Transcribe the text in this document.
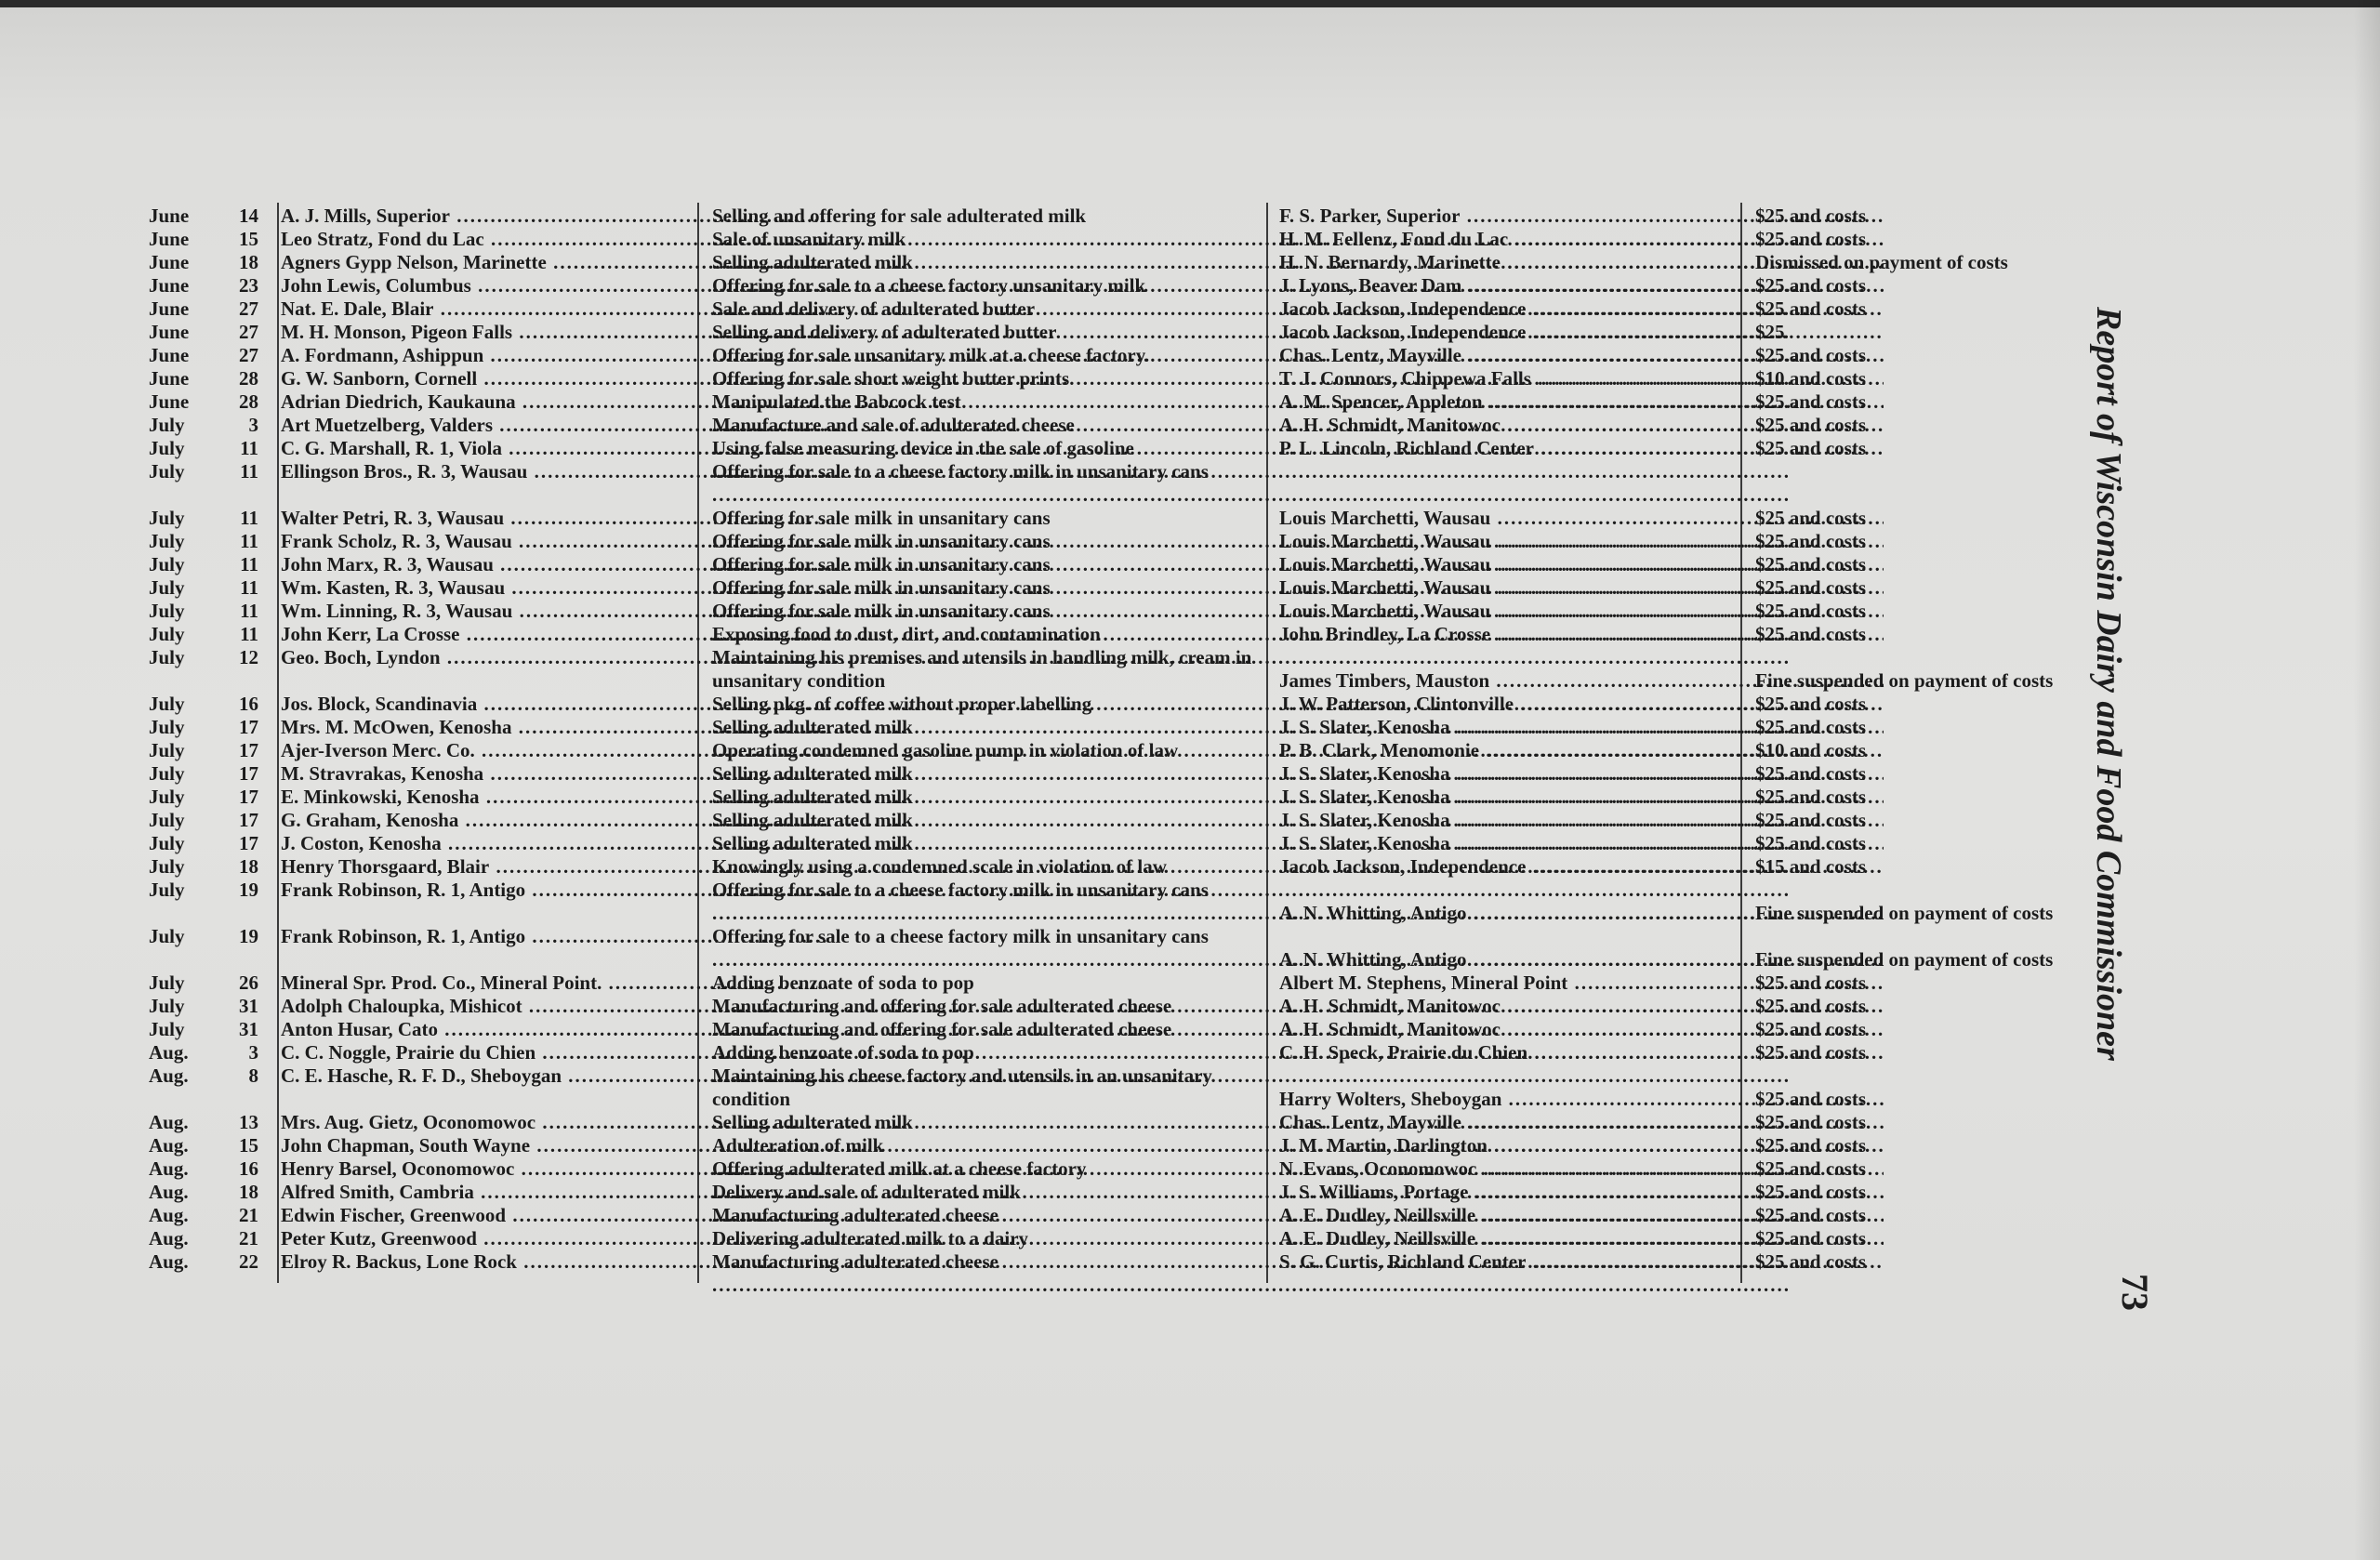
June	14 A. J. Mills, Superior .....	Selling and offering for sale adulterated milk .....	F. S. Parker, Superior .....	$25 and costs
June	15 Leo Stratz, Fond du Lac .....	Sale of unsanitary milk .....	H. M. Fellenz, Fond du Lac .....	$25 and costs
June	18 Agners Gypp Nelson, Marinette .....	Selling adulterated milk .....	H. N. Bernardy, Marinette .....	Dismissed on payment of costs
June	23 John Lewis, Columbus .....	Offering for sale to a cheese factory unsanitary milk .....	J. Lyons, Beaver Dam .....	$25 and costs
June	27 Nat. E. Dale, Blair .....	Sale and delivery of adulterated butter .....	Jacob Jackson, Independence .....	$25 and costs
June	27 M. H. Monson, Pigeon Falls .....	Selling and delivery of adulterated butter .....	Jacob Jackson, Independence .....	$25
June	27 A. Fordmann, Ashippun .....	Offering for sale unsanitary milk at a cheese factory. .....	Chas. Lentz, Mayville .....	$25 and costs
June	28 G. W. Sanborn, Cornell .....	Offering for sale short weight butter prints .....	T. J. Connors, Chippewa Falls .....	$10 and costs
June	28 Adrian Diedrich, Kaukauna .....	Manipulated the Babcock test .....	A. M. Spencer, Appleton .....	$25 and costs
July	3 Art Muetzelberg, Valders .....	Manufacture and sale of adulterated cheese .....	A. H. Schmidt, Manitowoc .....	$25 and costs
July	11 C. G. Marshall, R. 1, Viola .....	Using false measuring device in the sale of gasoline .....	P. L. Lincoln, Richland Center .....	$25 and costs
July	11 Ellingson Bros., R. 3, Wausau .....	Offering for sale to a cheese factory milk in unsanitary cans .....
July	11 Walter Petri, R. 3, Wausau .....	Offering for sale milk in unsanitary cans .....	Louis Marchetti, Wausau .....	$25 and costs
July	11 Frank Scholz, R. 3, Wausau .....	Offering for sale milk in unsanitary cans .....	Louis Marchetti, Wausau .....	$25 and costs
July	11 John Marx, R. 3, Wausau .....	Offering for sale milk in unsanitary cans .....	Louis Marchetti, Wausau .....	$25 and costs
July	11 Wm. Kasten, R. 3, Wausau .....	Offering for sale milk in unsanitary cans .....	Louis Marchetti, Wausau .....	$25 and costs
July	11 Wm. Linning, R. 3, Wausau .....	Offering for sale milk in unsanitary cans .....	Louis Marchetti, Wausau .....	$25 and costs
July	11 John Kerr, La Crosse .....	Exposing food to dust, dirt, and contamination .....	John Brindley, La Crosse .....	$25 and costs
July	12 Geo. Boch, Lyndon .....	Maintaining his premises and utensils in handling milk, cream in unsanitary condition .....	James Timbers, Mauston .....	Fine suspended on payment of costs
July	16 Jos. Block, Scandinavia .....	Selling pkg. of coffee without proper labelling .....	J. W. Patterson, Clintonville .....	$25 and costs
July	17 Mrs. M. McOwen, Kenosha .....	Selling adulterated milk .....	J. S. Slater, Kenosha .....	$25 and costs
July	17 Ajer-Iverson Merc. Co. .....	Operating condemned gasoline pump in violation of law .....	P. B. Clark, Menomonie .....	$10 and costs
July	17 M. Stravrakas, Kenosha .....	Selling adulterated milk .....	J. S. Slater, Kenosha .....	$25 and costs
July	17 E. Minkowski, Kenosha .....	Selling adulterated milk .....	J. S. Slater, Kenosha .....	$25 and costs
July	17 G. Graham, Kenosha .....	Selling adulterated milk .....	J. S. Slater, Kenosha .....	$25 and costs
July	17 J. Coston, Kenosha .....	Selling adulterated milk .....	J. S. Slater, Kenosha .....	$25 and costs
July	18 Henry Thorsgaard, Blair .....	Knowingly using a condemned scale in violation of law .....	Jacob Jackson, Independence .....	$15 and costs
July	19 Frank Robinson, R. 1, Antigo .....	Offering for sale to a cheese factory milk in unsanitary cans .....
A. N. Whitting, Antigo .....	Fine suspended on payment of costs
July	19 Frank Robinson, R. 1, Antigo .....	Offering for sale to a cheese factory milk in unsanitary cans .....
A. N. Whitting, Antigo .....	Fine suspended on payment of costs
July	26 Mineral Spr. Prod. Co., Mineral Point. .....	Adding benzoate of soda to pop .....	Albert M. Stephens, Mineral Point .....	$25 and costs
July	31 Adolph Chaloupka, Mishicot .....	Manufacturing and offering for sale adulterated cheese .....	A. H. Schmidt, Manitowoc .....	$25 and costs
July	31 Anton Husar, Cato .....	Manufacturing and offering for sale adulterated cheese .....	A. H. Schmidt, Manitowoc .....	$25 and costs
Aug.	3 C. C. Noggle, Prairie du Chien .....	Adding benzoate of soda to pop .....	C. H. Speck, Prairie du Chien .....	$25 and costs
Aug.	8 C. E. Hasche, R. F. D., Sheboygan .....	Maintaining his cheese factory and utensils in an unsanitary condition .....	Harry Wolters, Sheboygan .....	$25 and costs
Aug.	13 Mrs. Aug. Gietz, Oconomowoc .....	Selling adulterated milk .....	Chas. Lentz, Mayville .....	$25 and costs
Aug.	15 John Chapman, South Wayne .....	Adulteration of milk .....	J. M. Martin, Darlington .....	$25 and costs
Aug.	16 Henry Barsel, Oconomowoc .....	Offering adulterated milk at a cheese factory .....	N. Evans, Oconomowoc .....	$25 and costs
Aug.	18 Alfred Smith, Cambria .....	Delivery and sale of adulterated milk .....	J. S. Williams, Portage .....	$25 and costs
Aug.	21 Edwin Fischer, Greenwood .....	Manufacturing adulterated cheese .....	A. E. Dudley, Neillsville .....	$25 and costs
Aug.	21 Peter Kutz, Greenwood .....	Delivering adulterated milk to a dairy .....	A. E. Dudley, Neillsville .....	$25 and costs
Aug.	22 Elroy R. Backus, Lone Rock .....	Manufacturing adulterated cheese .....	S. G. Curtis, Richland Center .....	$25 and costs
Report of Wisconsin Dairy and Food Commissioner
73
